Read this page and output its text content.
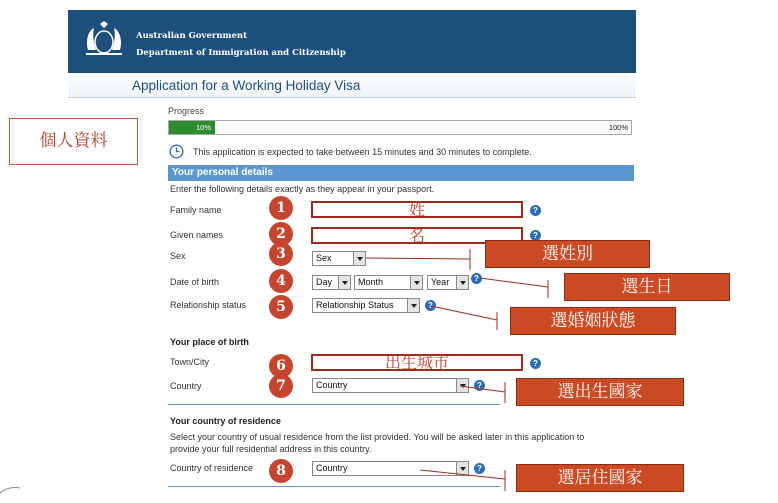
Australian Government
Department of Immigration and Citizenship
Application for a Working Holiday Visa
個人資料
Progress
10%	100%
This application is expected to take between 15 minutes and 30 minutes to complete.
Your personal details
Enter the following details exactly as they appear in your passport.
Family name	姓	?
Given names	名	?
Sex	Sex
Date of birth	Day	Month	Year	?
Relationship status	Relationship Status	?
Your place of birth
Town/City	出生城市	?
Country	Country	?
Your country of residence
Select your country of usual residence from the list provided. You will be asked later in this application to
provide your full residential address in this country.
Country of residence	Country	?
1
2
3
4
5
6
7
8
選姓別
選生日
選婚姻狀態
選出生國家
選居住國家
